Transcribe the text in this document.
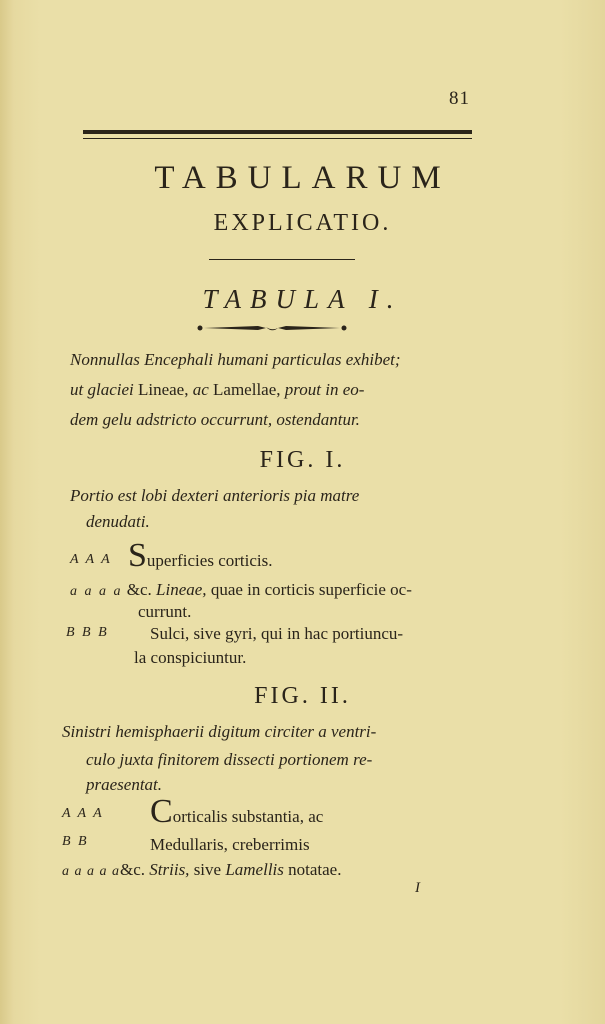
81
TABULARUM
EXPLICATIO.
TABULA I.
Nonnullas Encephali humani particulas exhibet;
ut glaciei Lineae, ac Lamellae, prout in eo-
dem gelu adstricto occurrunt, ostendantur.
FIG. I.
Portio est lobi dexteri anterioris pia matre
denudati.
A A A Superficies corticis.
a a a a &c. Lineae, quae in corticis superficie oc-
currunt.
B B B Sulci, sive gyri, qui in hac portiuncu-
la conspiciuntur.
FIG. II.
Sinistri hemisphaerii digitum circiter a ventri-
culo juxta finitorem dissecti portionem re-
praesentat.
A A A Corticalis substantia, ac
B B	Medullaris, creberrimis
a a a a a&c. Striis, sive Lamellis notatae.
I
